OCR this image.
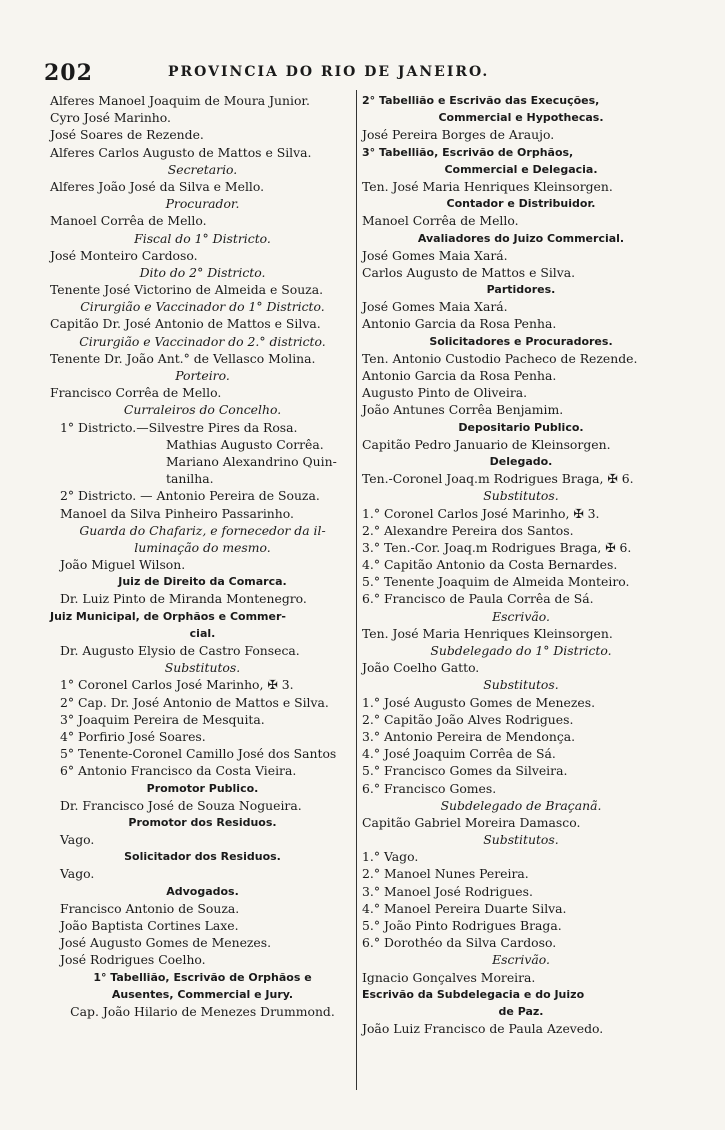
202	PROVINCIA DO RIO DE JANEIRO.
Alferes Manoel Joaquim de Moura Junior.
Cyro José Marinho.
José Soares de Rezende.
Alferes Carlos Augusto de Mattos e Silva.
Secretario.
Alferes João José da Silva e Mello.
Procurador.
Manoel Corrêa de Mello.
Fiscal do 1° Districto.
José Monteiro Cardoso.
Dito do 2° Districto.
Tenente José Victorino de Almeida e Souza.
Cirurgião e Vaccinador do 1° Districto.
Capitão Dr. José Antonio de Mattos e Silva.
Cirurgião e Vaccinador do 2.° districto.
Tenente Dr. João Ant.° de Vellasco Molina.
Porteiro.
Francisco Corrêa de Mello.
Curraleiros do Concelho.
1° Districto.—Silvestre Pires da Rosa.
Mathias Augusto Corrêa.
Mariano Alexandrino Quin-
tanilha.
2° Districto. — Antonio Pereira de Souza.
Manoel da Silva Pinheiro Passarinho.
Guarda do Chafariz, e fornecedor da il-
luminação do mesmo.
João Miguel Wilson.
Juiz de Direito da Comarca.
Dr. Luiz Pinto de Miranda Montenegro.
Juiz Municipal, de Orphãos e Commer-
cial.
Dr. Augusto Elysio de Castro Fonseca.
Substitutos.
1° Coronel Carlos José Marinho, ✠ 3.
2° Cap. Dr. José Antonio de Mattos e Silva.
3° Joaquim Pereira de Mesquita.
4° Porfirio José Soares.
5° Tenente-Coronel Camillo José dos Santos
6° Antonio Francisco da Costa Vieira.
Promotor Publico.
Dr. Francisco José de Souza Nogueira.
Promotor dos Residuos.
Vago.
Solicitador dos Residuos.
Vago.
Advogados.
Francisco Antonio de Souza.
João Baptista Cortines Laxe.
José Augusto Gomes de Menezes.
José Rodrigues Coelho.
1° Tabellião, Escrivão de Orphãos e
Ausentes, Commercial e Jury.
Cap. João Hilario de Menezes Drummond.
2° Tabellião e Escrivão das Execuções,
Commercial e Hypothecas.
José Pereira Borges de Araujo.
3° Tabellião, Escrivão de Orphãos,
Commercial e Delegacia.
Ten. José Maria Henriques Kleinsorgen.
Contador e Distribuidor.
Manoel Corrêa de Mello.
Avaliadores do Juizo Commercial.
José Gomes Maia Xará.
Carlos Augusto de Mattos e Silva.
Partidores.
José Gomes Maia Xará.
Antonio Garcia da Rosa Penha.
Solicitadores e Procuradores.
Ten. Antonio Custodio Pacheco de Rezende.
Antonio Garcia da Rosa Penha.
Augusto Pinto de Oliveira.
João Antunes Corrêa Benjamim.
Depositario Publico.
Capitão Pedro Januario de Kleinsorgen.
Delegado.
Ten.-Coronel Joaq.m Rodrigues Braga, ✠ 6.
Substitutos.
1.° Coronel Carlos José Marinho, ✠ 3.
2.° Alexandre Pereira dos Santos.
3.° Ten.-Cor. Joaq.m Rodrigues Braga, ✠ 6.
4.° Capitão Antonio da Costa Bernardes.
5.° Tenente Joaquim de Almeida Monteiro.
6.° Francisco de Paula Corrêa de Sá.
Escrivão.
Ten. José Maria Henriques Kleinsorgen.
Subdelegado do 1° Districto.
João Coelho Gatto.
Substitutos.
1.° José Augusto Gomes de Menezes.
2.° Capitão João Alves Rodrigues.
3.° Antonio Pereira de Mendonça.
4.° José Joaquim Corrêa de Sá.
5.° Francisco Gomes da Silveira.
6.° Francisco Gomes.
Subdelegado de Braçanã.
Capitão Gabriel Moreira Damasco.
Substitutos.
1.° Vago.
2.° Manoel Nunes Pereira.
3.° Manoel José Rodrigues.
4.° Manoel Pereira Duarte Silva.
5.° João Pinto Rodrigues Braga.
6.° Dorothéo da Silva Cardoso.
Escrivão.
Ignacio Gonçalves Moreira.
Escrivão da Subdelegacia e do Juizo
de Paz.
João Luiz Francisco de Paula Azevedo.
